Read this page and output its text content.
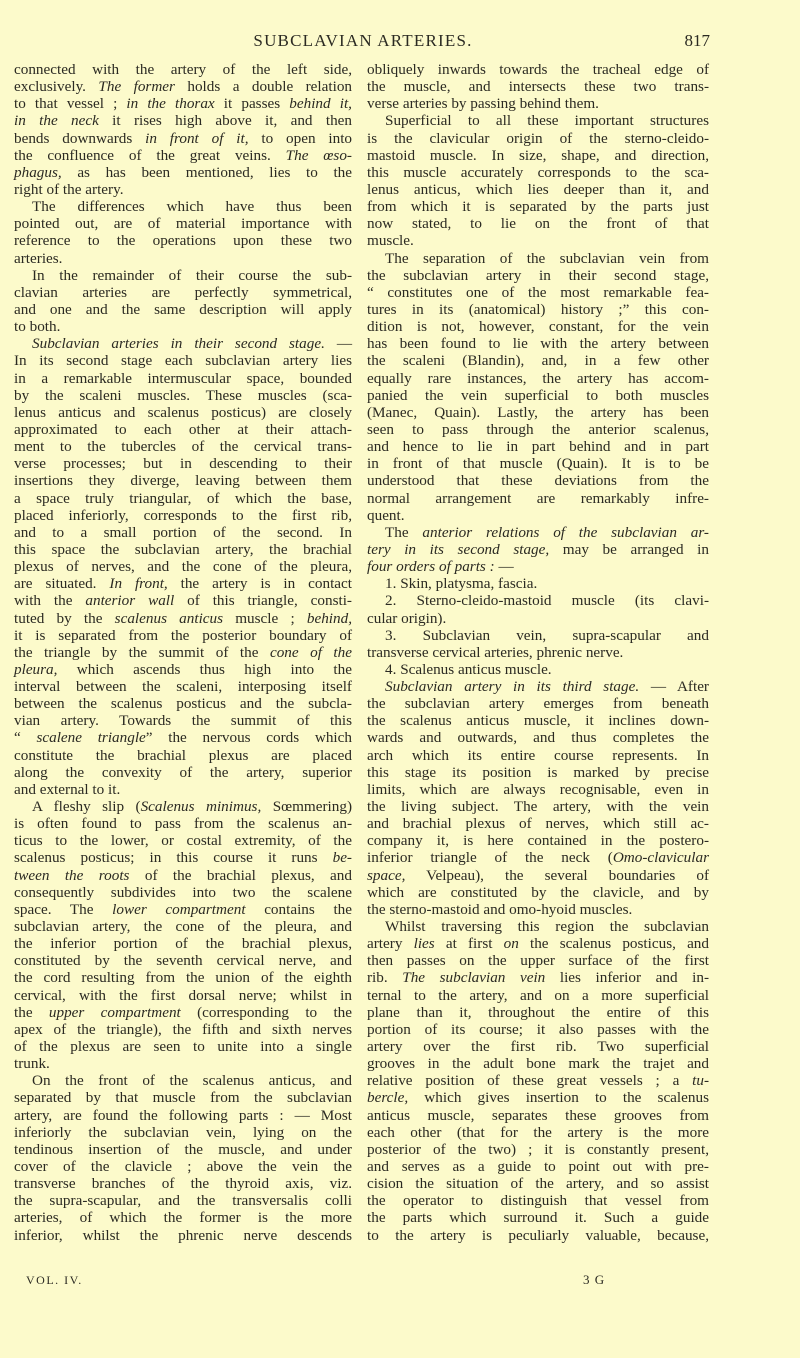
SUBCLAVIAN ARTERIES.	817
connected with the artery of the left side,
exclusively. The former holds a double relation
to that vessel ; in the thorax it passes behind it,
in the neck it rises high above it, and then
bends downwards in front of it, to open into
the confluence of the great veins. The œso-
phagus, as has been mentioned, lies to the
right of the artery.
The differences which have thus been
pointed out, are of material importance with
reference to the operations upon these two
arteries.
In the remainder of their course the sub-
clavian arteries are perfectly symmetrical,
and one and the same description will apply
to both.
Subclavian arteries in their second stage. —
In its second stage each subclavian artery lies
in a remarkable intermuscular space, bounded
by the scaleni muscles. These muscles (sca-
lenus anticus and scalenus posticus) are closely
approximated to each other at their attach-
ment to the tubercles of the cervical trans-
verse processes; but in descending to their
insertions they diverge, leaving between them
a space truly triangular, of which the base,
placed inferiorly, corresponds to the first rib,
and to a small portion of the second. In
this space the subclavian artery, the brachial
plexus of nerves, and the cone of the pleura,
are situated. In front, the artery is in contact
with the anterior wall of this triangle, consti-
tuted by the scalenus anticus muscle ; behind,
it is separated from the posterior boundary of
the triangle by the summit of the cone of the
pleura, which ascends thus high into the
interval between the scaleni, interposing itself
between the scalenus posticus and the subcla-
vian artery. Towards the summit of this
“ scalene triangle” the nervous cords which
constitute the brachial plexus are placed
along the convexity of the artery, superior
and external to it.
A fleshy slip (Scalenus minimus, Sœmmering)
is often found to pass from the scalenus an-
ticus to the lower, or costal extremity, of the
scalenus posticus; in this course it runs be-
tween the roots of the brachial plexus, and
consequently subdivides into two the scalene
space. The lower compartment contains the
subclavian artery, the cone of the pleura, and
the inferior portion of the brachial plexus,
constituted by the seventh cervical nerve, and
the cord resulting from the union of the eighth
cervical, with the first dorsal nerve; whilst in
the upper compartment (corresponding to the
apex of the triangle), the fifth and sixth nerves
of the plexus are seen to unite into a single
trunk.
On the front of the scalenus anticus, and
separated by that muscle from the subclavian
artery, are found the following parts : — Most
inferiorly the subclavian vein, lying on the
tendinous insertion of the muscle, and under
cover of the clavicle ; above the vein the
transverse branches of the thyroid axis, viz.
the supra-scapular, and the transversalis colli
arteries, of which the former is the more
inferior, whilst the phrenic nerve descends
obliquely inwards towards the tracheal edge of
the muscle, and intersects these two trans-
verse arteries by passing behind them.
Superficial to all these important structures
is the clavicular origin of the sterno-cleido-
mastoid muscle. In size, shape, and direction,
this muscle accurately corresponds to the sca-
lenus anticus, which lies deeper than it, and
from which it is separated by the parts just
now stated, to lie on the front of that
muscle.
The separation of the subclavian vein from
the subclavian artery in their second stage,
“ constitutes one of the most remarkable fea-
tures in its (anatomical) history ;” this con-
dition is not, however, constant, for the vein
has been found to lie with the artery between
the scaleni (Blandin), and, in a few other
equally rare instances, the artery has accom-
panied the vein superficial to both muscles
(Manec, Quain). Lastly, the artery has been
seen to pass through the anterior scalenus,
and hence to lie in part behind and in part
in front of that muscle (Quain). It is to be
understood that these deviations from the
normal arrangement are remarkably infre-
quent.
The anterior relations of the subclavian ar-
tery in its second stage, may be arranged in
four orders of parts : —
1. Skin, platysma, fascia.
2. Sterno-cleido-mastoid muscle (its clavi-
cular origin).
3. Subclavian vein, supra-scapular and
transverse cervical arteries, phrenic nerve.
4. Scalenus anticus muscle.
Subclavian artery in its third stage. — After
the subclavian artery emerges from beneath
the scalenus anticus muscle, it inclines down-
wards and outwards, and thus completes the
arch which its entire course represents. In
this stage its position is marked by precise
limits, which are always recognisable, even in
the living subject. The artery, with the vein
and brachial plexus of nerves, which still ac-
company it, is here contained in the postero-
inferior triangle of the neck (Omo-clavicular
space, Velpeau), the several boundaries of
which are constituted by the clavicle, and by
the sterno-mastoid and omo-hyoid muscles.
Whilst traversing this region the subclavian
artery lies at first on the scalenus posticus, and
then passes on the upper surface of the first
rib. The subclavian vein lies inferior and in-
ternal to the artery, and on a more superficial
plane than it, throughout the entire of this
portion of its course; it also passes with the
artery over the first rib. Two superficial
grooves in the adult bone mark the trajet and
relative position of these great vessels ; a tu-
bercle, which gives insertion to the scalenus
anticus muscle, separates these grooves from
each other (that for the artery is the more
posterior of the two) ; it is constantly present,
and serves as a guide to point out with pre-
cision the situation of the artery, and so assist
the operator to distinguish that vessel from
the parts which surround it. Such a guide
to the artery is peculiarly valuable, because,
VOL. IV.	3 G
